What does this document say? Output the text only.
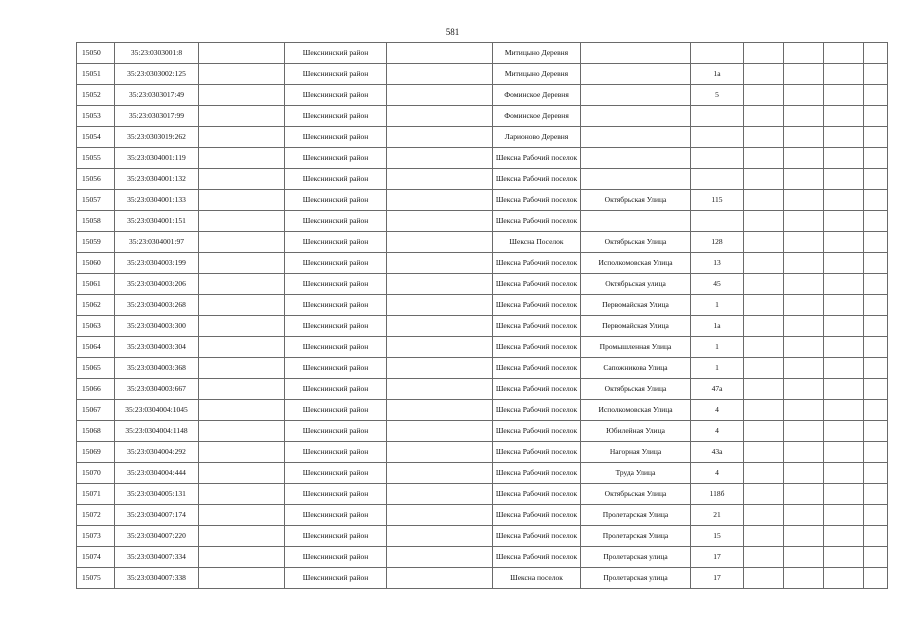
581
15050	35:23:0303001:8		Шекснинский район		Митицыно Деревня						
15051	35:23:0303002:125		Шекснинский район		Митицыно Деревня		1а				
15052	35:23:0303017:49		Шекснинский район		Фоминское Деревня		5				
15053	35:23:0303017:99		Шекснинский район		Фоминское Деревня						
15054	35:23:0303019:262		Шекснинский район		Ларионово Деревня						
15055	35:23:0304001:119		Шекснинский район		Шексна Рабочий поселок						
15056	35:23:0304001:132		Шекснинский район		Шексна Рабочий поселок						
15057	35:23:0304001:133		Шекснинский район		Шексна Рабочий поселок	Октябрьская Улица	115				
15058	35:23:0304001:151		Шекснинский район		Шексна Рабочий поселок						
15059	35:23:0304001:97		Шекснинский район		Шексна Поселок	Октябрьская Улица	128				
15060	35:23:0304003:199		Шекснинский район		Шексна Рабочий поселок	Исполкомовская Улица	13				
15061	35:23:0304003:206		Шекснинский район		Шексна Рабочий поселок	Октябрьская улица	45				
15062	35:23:0304003:268		Шекснинский район		Шексна Рабочий поселок	Первомайская Улица	1				
15063	35:23:0304003:300		Шекснинский район		Шексна Рабочий поселок	Первомайская Улица	1а				
15064	35:23:0304003:304		Шекснинский район		Шексна Рабочий поселок	Промышленная Улица	1				
15065	35:23:0304003:368		Шекснинский район		Шексна Рабочий поселок	Сапожникова Улица	1				
15066	35:23:0304003:667		Шекснинский район		Шексна Рабочий поселок	Октябрьская Улица	47а				
15067	35:23:0304004:1045		Шекснинский район		Шексна Рабочий поселок	Исполкомовская Улица	4				
15068	35:23:0304004:1148		Шекснинский район		Шексна Рабочий поселок	Юбилейная Улица	4				
15069	35:23:0304004:292		Шекснинский район		Шексна Рабочий поселок	Нагорная Улица	43а				
15070	35:23:0304004:444		Шекснинский район		Шексна Рабочий поселок	Труда Улица	4				
15071	35:23:0304005:131		Шекснинский район		Шексна Рабочий поселок	Октябрьская Улица	118б				
15072	35:23:0304007:174		Шекснинский район		Шексна Рабочий поселок	Пролетарская Улица	21				
15073	35:23:0304007:220		Шекснинский район		Шексна Рабочий поселок	Пролетарская Улица	15				
15074	35:23:0304007:334		Шекснинский район		Шексна Рабочий поселок	Пролетарская улица	17				
15075	35:23:0304007:338		Шекснинский район		Шексна поселок	Пролетарская улица	17				
